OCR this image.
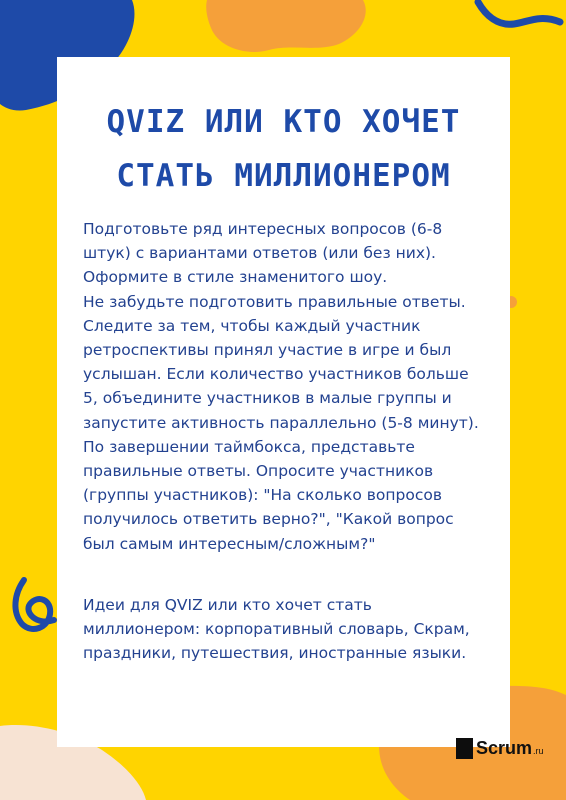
QVIZ ИЛИ КТО ХОЧЕТ
СТАТЬ МИЛЛИОНЕРОМ
Подготовьте ряд интересных вопросов (6-8
штук) с вариантами ответов (или без них).
Оформите в стиле знаменитого шоу.
Не забудьте подготовить правильные ответы.
Следите за тем, чтобы каждый участник
ретроспективы принял участие в игре и был
услышан. Если количество участников больше
5, объедините участников в малые группы и
запустите активность параллельно (5-8 минут).
По завершении таймбокса, представьте
правильные ответы. Опросите участников
(группы участников): "На сколько вопросов
получилось ответить верно?", "Какой вопрос
был самым интересным/сложным?"
Идеи для QVIZ или кто хочет стать
миллионером: корпоративный словарь, Скрам,
праздники, путешествия, иностранные языки.
Scrum .ru
